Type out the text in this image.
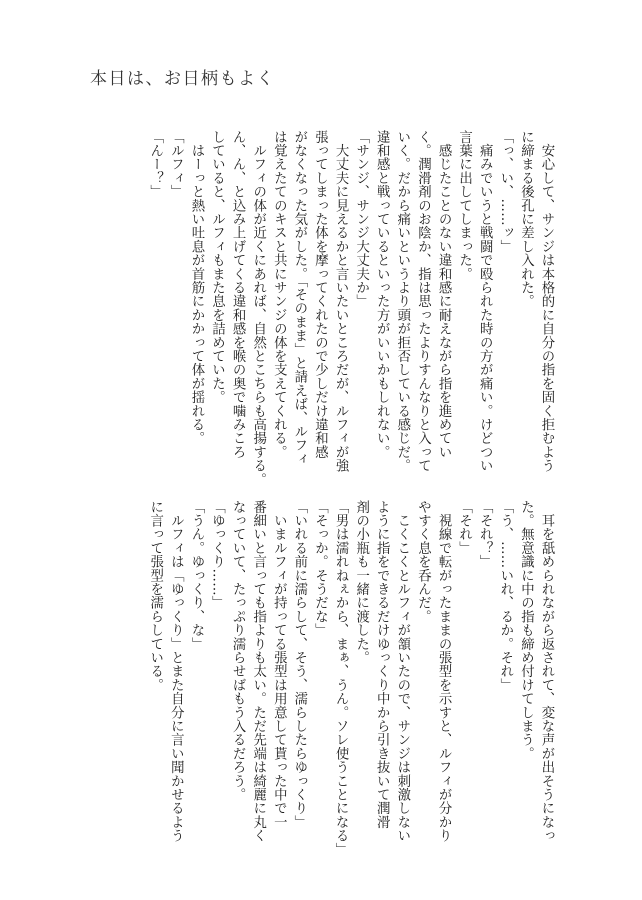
本日は、お日柄もよく
　安心して、サンジは本格的に自分の指を固く拒むよう
に締まる後孔に差し入れた。
「っ、い、……ッ」
　痛みでいうと戦闘で殴られた時の方が痛い。けどつい
言葉に出してしまった。
　感じたことのない違和感に耐えながら指を進めてい
く。潤滑剤のお陰か、指は思ったよりすんなりと入って
いく。だから痛いというより頭が拒否している感じだ。
違和感と戦っているといった方がいいかもしれない。
「サンジ、サンジ大丈夫か」
　大丈夫に見えるかと言いたいところだが、ルフィが強
張ってしまった体を摩ってくれたので少しだけ違和感
がなくなった気がした。「そのまま」と請えば、ルフィ
は覚えたてのキスと共にサンジの体を支えてくれる。
　ルフィの体が近くにあれば、自然とこちらも高揚する。
ん、ん、と込み上げてくる違和感を喉の奥で噛みころ
していると、ルフィもまた息を詰めていた。
　はーっと熱い吐息が首筋にかかって体が揺れる。
「ルフィ」
「んー？」
　耳を舐められながら返されて、変な声が出そうになっ
た。無意識に中の指も締め付けてしまう。
「う、……いれ、るか。それ」
「それ？」
「それ」
　視線で転がったままの張型を示すと、ルフィが分かり
やすく息を呑んだ。
　こくこくとルフィが頷いたので、サンジは刺激しない
ように指をできるだけゆっくり中から引き抜いて潤滑
剤の小瓶も一緒に渡した。
「男は濡れねぇから、まぁ、うん。ソレ使うことになる」
「そっか。そうだな」
「いれる前に濡らして、そう、濡らしたらゆっくり」
　いまルフィが持ってる張型は用意して貰った中で一
番細いと言っても指よりも太い。ただ先端は綺麗に丸く
なっていて、たっぷり濡らせばもう入るだろう。
「ゆっくり……」
「うん。ゆっくり、な」
　ルフィは「ゆっくり」とまた自分に言い聞かせるよう
に言って張型を濡らしている。
